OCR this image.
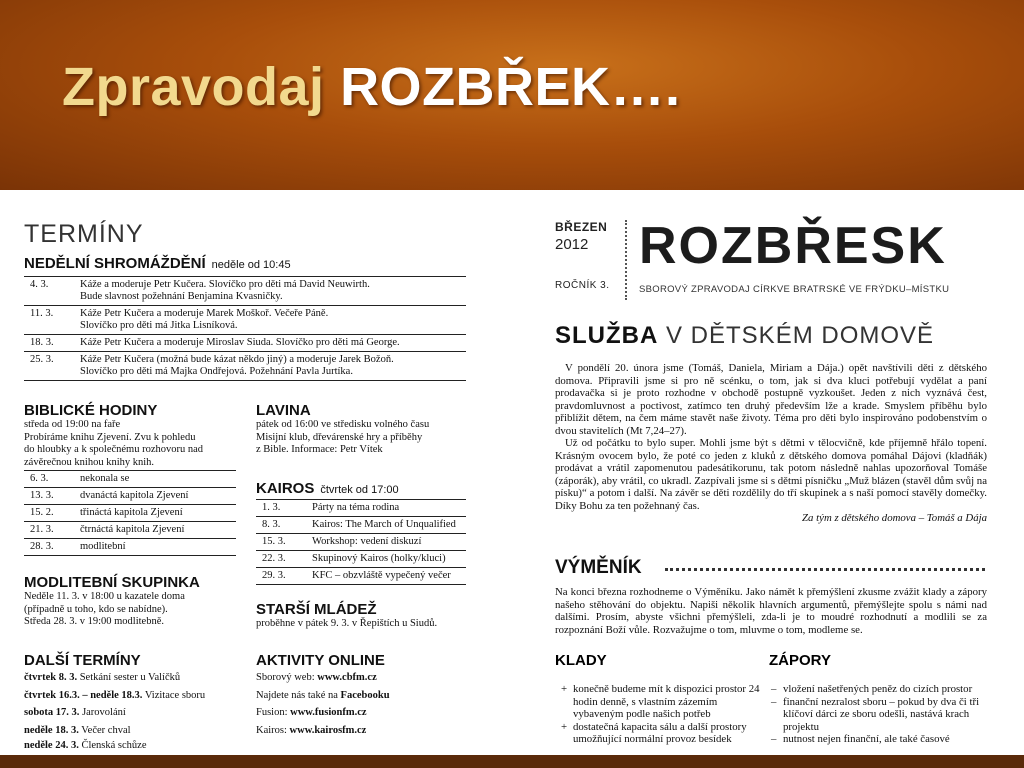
Zpravodaj ROZBŘEK….
TERMÍNY
NEDĚLNÍ SHROMÁŽDĚNÍ neděle od 10:45
4. 3.	Káže a moderuje Petr Kučera. Slovíčko pro děti má David Neuwirth.
Bude slavnost požehnání Benjamina Kvasničky.

11. 3.	Káže Petr Kučera a moderuje Marek Moškoř. Večeře Páně.
Slovíčko pro děti má Jitka Lisníková.

18. 3.	Káže Petr Kučera a moderuje Miroslav Siuda. Slovíčko pro děti má George.

25. 3.	Káže Petr Kučera (možná bude kázat někdo jiný) a moderuje Jarek Božoň.
Slovíčko pro děti má Majka Ondřejová. Požehnání Pavla Jurtíka.
BIBLICKÉ HODINY
středa od 19:00 na faře
Probíráme knihu Zjevení. Zvu k pohledu
do hloubky a k společnému rozhovoru nad
závěrečnou knihou knihy knih.
6. 3.	nekonala se
13. 3.	dvanáctá kapitola Zjevení
15. 2.	třináctá kapitola Zjevení
21. 3.	čtrnáctá kapitola Zjevení
28. 3.	modlitební
LAVINA
pátek od 16:00 ve středisku volného času
Misijní klub, dřevárenské hry a příběhy
z Bible. Informace: Petr Vítek
KAIROS čtvrtek od 17:00
1. 3.	Párty na téma rodina
8. 3.	Kairos: The March of Unqualified
15. 3.	Workshop: vedení diskuzí
22. 3.	Skupinový Kairos (holky/kluci)
29. 3.	KFC – obzvláště vypečený večer
MODLITEBNÍ SKUPINKA
Neděle 11. 3. v 18:00 u kazatele doma
(případně u toho, kdo se nabídne).
Středa 28. 3. v 19:00 modlitebně.
STARŠÍ MLÁDEŽ
proběhne v pátek 9. 3. v Řepištích u Siudů.
DALŠÍ TERMÍNY
čtvrtek 8. 3. Setkání sester u Valíčků
čtvrtek 16.3. – neděle 18.3. Vizitace sboru
sobota 17. 3. Jarovolání
neděle 18. 3. Večer chval
neděle 24. 3. Členská schůze
AKTIVITY ONLINE
Sborový web: www.cbfm.cz
Najdete nás také na Facebooku
Fusion: www.fusionfm.cz
Kairos: www.kairosfm.cz
BŘEZEN
2012
ROČNÍK 3.
ROZBŘESK
SBOROVÝ ZPRAVODAJ CÍRKVE BRATRSKÉ VE FRÝDKU–MÍSTKU
SLUŽBA V DĚTSKÉM DOMOVĚ

V pondělí 20. února jsme (Tomáš, Daniela, Miriam a Dája.) opět navštívili děti z dětského domova. Připravili jsme si pro ně scénku, o tom, jak si dva kluci potřebují vydělat a paní prodavačka si je proto rozhodne v obchodě postupně vyzkoušet. Jeden z nich vyznává čest, pravdomluvnost a poctivost, zatímco ten druhý především lže a krade. Smyslem příběhu bylo přiblížit dětem, na čem máme stavět naše životy. Téma pro děti bylo inspirováno podobenstvím o dvou stavitelích (Mt 7,24–27).

Už od počátku to bylo super. Mohli jsme být s dětmi v tělocvičně, kde příjemně hřálo topení. Krásným ovocem bylo, že poté co jeden z kluků z dětského domova pomáhal Dájovi (kladňák) prodávat a vrátil zapomenutou padesátikorunu, tak potom následně nahlas upozorňoval Tomáše (záporák), aby vrátil, co ukradl. Zazpívali jsme si s dětmi písničku „Muž blázen (stavěl dům svůj na písku)“ a potom i další. Na závěr se děti rozdělily do tří skupinek a s naší pomocí stavěly domečky. Díky Bohu za ten požehnaný čas.

Za tým z dětského domova – Tomáš a Dája

VÝMĚNÍK
Na konci března rozhodneme o Výměníku. Jako námět k přemýšlení zkusme zvážit klady a zápory našeho stěhování do objektu. Napiši několik hlavních argumentů, přemýšlejte spolu s námi nad dalšími. Prosím, abyste všichni přemýšleli, zda-li je to moudré rozhodnutí a modlili se za rozpoznání Boží vůle. Rozvažujme o tom, mluvme o tom, modleme se.
KLADY	ZÁPORY
+ konečně budeme mít k dispozici prostor 24 hodin denně, s vlastním zázemím vybaveným podle našich potřeb
+ dostatečná kapacita sálu a další prostory umožňující normální provoz besídek
– vložení našetřených peněz do cizích prostor
– finanční nezralost sboru – pokud by dva či tři klíčoví dárci ze sboru odešli, nastává krach projektu
– nutnost nejen finanční, ale také časové
